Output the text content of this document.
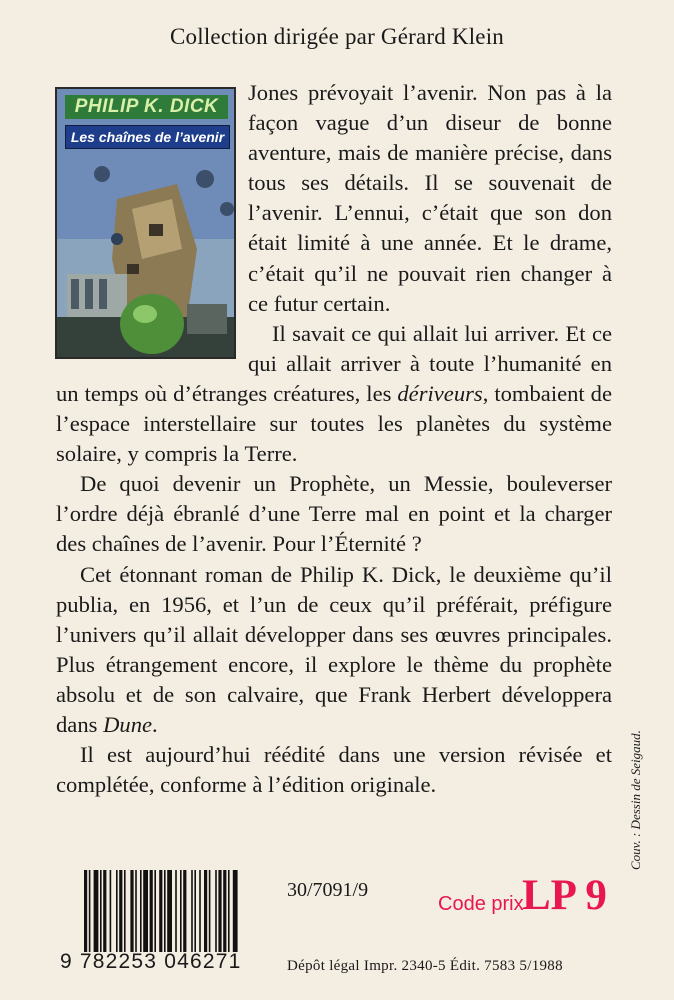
Collection dirigée par Gérard Klein
PHILIP K. DICK
Les chaînes de l’avenir

Jones prévoyait l’avenir. Non pas à la façon vague d’un diseur de bonne aventure, mais de manière précise, dans tous ses détails. Il se souvenait de l’avenir. L’ennui, c’était que son don était limité à une année. Et le drame, c’était qu’il ne pouvait rien changer à ce futur certain.

Il savait ce qui allait lui arriver. Et ce qui allait arriver à toute l’humanité en un temps où d’étranges créatures, les dériveurs, tombaient de l’espace interstellaire sur toutes les planètes du système solaire, y compris la Terre.

De quoi devenir un Prophète, un Messie, bouleverser l’ordre déjà ébranlé d’une Terre mal en point et la charger des chaînes de l’avenir. Pour l’Éternité ?

Cet étonnant roman de Philip K. Dick, le deuxième qu’il publia, en 1956, et l’un de ceux qu’il préférait, préfigure l’univers qu’il allait développer dans ses œuvres principales. Plus étrangement encore, il explore le thème du prophète absolu et de son calvaire, que Frank Herbert développera dans Dune.

Il est aujourd’hui réédité dans une version révisée et complétée, conforme à l’édition originale.	Couv. : Dessin de Seigaud.
9 782253 046271
30/7091/9
Code prix
LP 9
Dépôt légal Impr. 2340-5 Édit. 7583 5/1988
